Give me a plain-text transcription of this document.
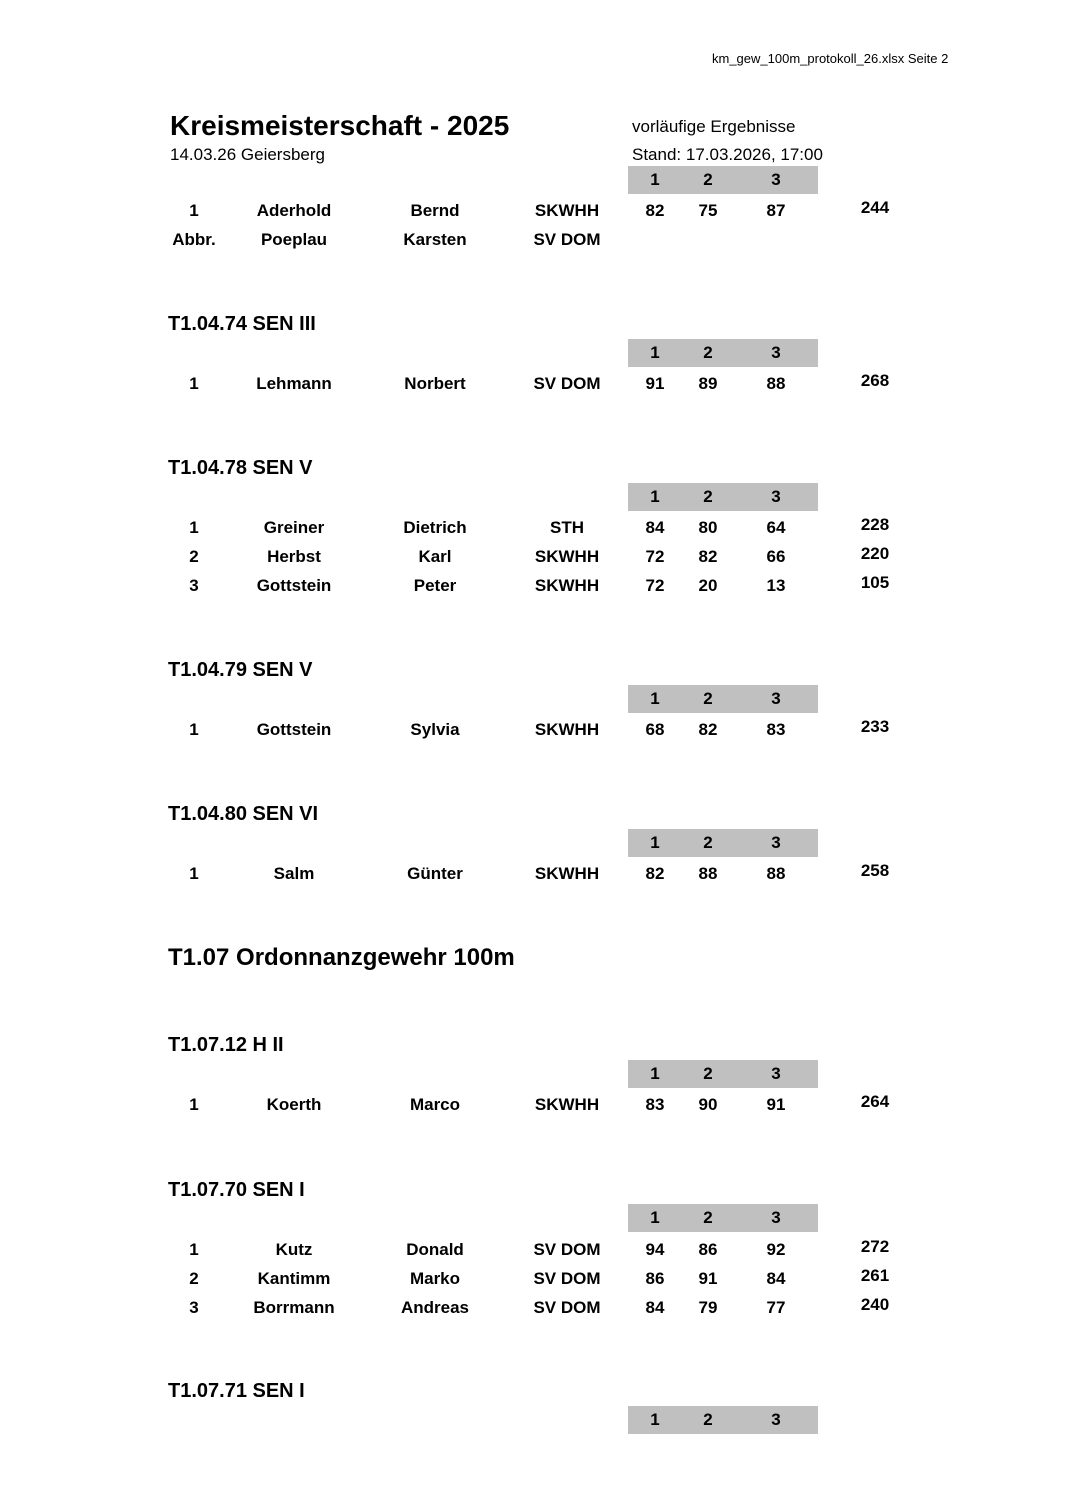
km_gew_100m_protokoll_26.xlsx Seite 2
Kreismeisterschaft - 2025
14.03.26 Geiersberg
vorläufige Ergebnisse
Stand: 17.03.2026, 17:00
1	2	3
1	Aderhold	Bernd	SKWHH	82	75	87	244
Abbr.	Poeplau	Karsten	SV DOM
T1.04.74 SEN III
1	2	3
1	Lehmann	Norbert	SV DOM	91	89	88	268
T1.04.78 SEN V
1	2	3
1	Greiner	Dietrich	STH	84	80	64	228
2	Herbst	Karl	SKWHH	72	82	66	220
3	Gottstein	Peter	SKWHH	72	20	13	105
T1.04.79 SEN V
1	2	3
1	Gottstein	Sylvia	SKWHH	68	82	83	233
T1.04.80 SEN VI
1	2	3
1	Salm	Günter	SKWHH	82	88	88	258
T1.07 Ordonnanzgewehr 100m
T1.07.12 H II
1	2	3
1	Koerth	Marco	SKWHH	83	90	91	264
T1.07.70 SEN I
1	2	3
1	Kutz	Donald	SV DOM	94	86	92	272
2	Kantimm	Marko	SV DOM	86	91	84	261
3	Borrmann	Andreas	SV DOM	84	79	77	240
T1.07.71 SEN I
1	2	3
